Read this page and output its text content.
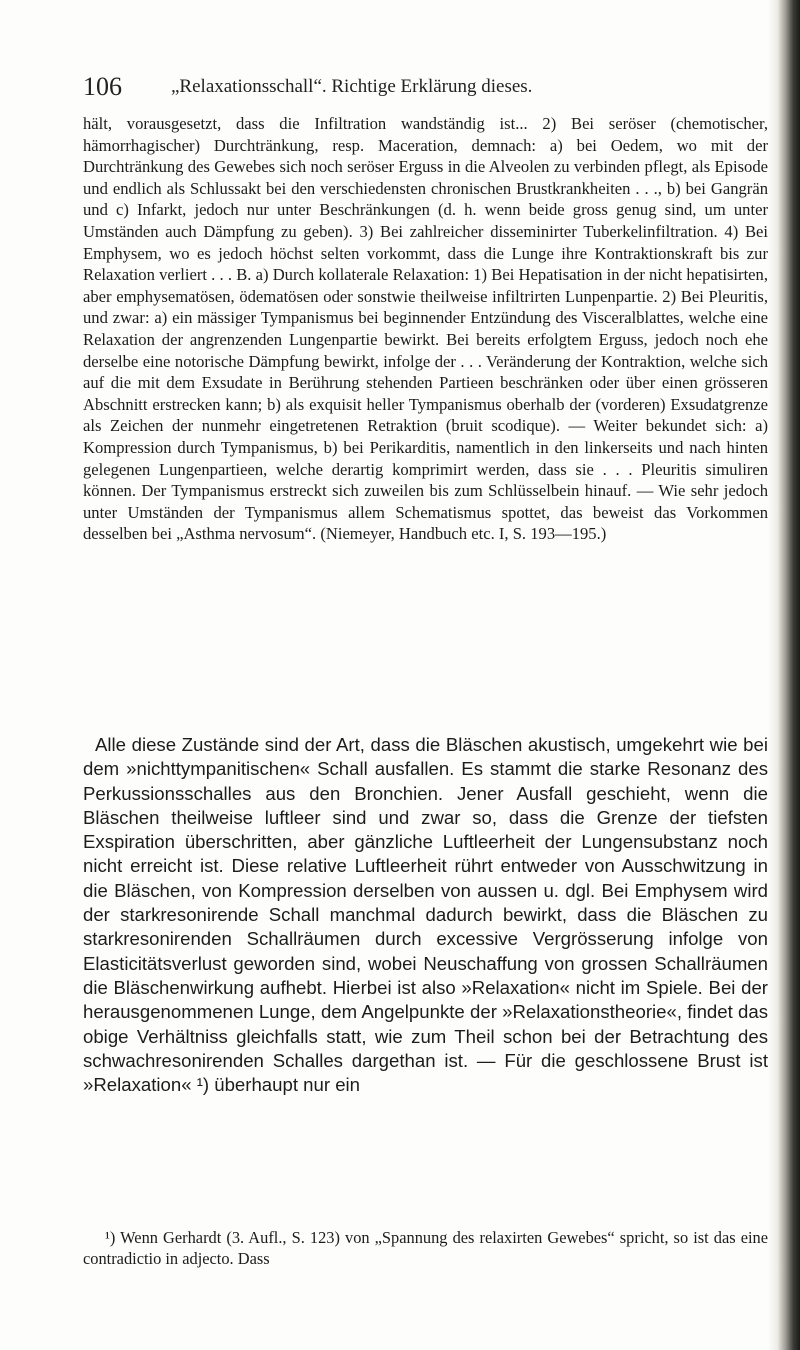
106	„Relaxationsschall“. Richtige Erklärung dieses.

hält, vorausgesetzt, dass die Infiltration wandständig ist... 2) Bei seröser (chemotischer, hämorrhagischer) Durchtränkung, resp. Maceration, demnach: a) bei Oedem, wo mit der Durchtränkung des Gewebes sich noch seröser Erguss in die Alveolen zu verbinden pflegt, als Episode und endlich als Schlussakt bei den verschiedensten chronischen Brustkrankheiten . . ., b) bei Gangrän und c) Infarkt, jedoch nur unter Beschränkungen (d. h. wenn beide gross genug sind, um unter Umständen auch Dämpfung zu geben). 3) Bei zahlreicher disseminirter Tuberkelinfiltration. 4) Bei Emphysem, wo es jedoch höchst selten vorkommt, dass die Lunge ihre Kontraktionskraft bis zur Relaxation verliert . . . B. a) Durch kollaterale Relaxation: 1) Bei Hepatisation in der nicht hepatisirten, aber emphysematösen, ödematösen oder sonstwie theilweise infiltrirten Lunpenpartie. 2) Bei Pleuritis, und zwar: a) ein mässiger Tympanismus bei beginnender Entzündung des Visceralblattes, welche eine Relaxation der angrenzenden Lungenpartie bewirkt. Bei bereits erfolgtem Erguss, jedoch noch ehe derselbe eine notorische Dämpfung bewirkt, infolge der . . . Veränderung der Kontraktion, welche sich auf die mit dem Exsudate in Berührung stehenden Partieen beschränken oder über einen grösseren Abschnitt erstrecken kann; b) als exquisit heller Tympanismus oberhalb der (vorderen) Exsudatgrenze als Zeichen der nunmehr eingetretenen Retraktion (bruit scodique). — Weiter bekundet sich: a) Kompression durch Tympanismus, b) bei Perikarditis, namentlich in den linkerseits und nach hinten gelegenen Lungenpartieen, welche derartig komprimirt werden, dass sie . . . Pleuritis simuliren können. Der Tympanismus erstreckt sich zuweilen bis zum Schlüsselbein hinauf. — Wie sehr jedoch unter Umständen der Tympanismus allem Schematismus spottet, das beweist das Vorkommen desselben bei „Asthma nervosum“. (Niemeyer, Handbuch etc. I, S. 193—195.)

Alle diese Zustände sind der Art, dass die Bläschen akustisch, umgekehrt wie bei dem »nichttympanitischen« Schall ausfallen. Es stammt die starke Resonanz des Perkussionsschalles aus den Bronchien. Jener Ausfall geschieht, wenn die Bläschen theilweise luftleer sind und zwar so, dass die Grenze der tiefsten Exspiration überschritten, aber gänzliche Luftleerheit der Lungensubstanz noch nicht erreicht ist. Diese relative Luftleerheit rührt entweder von Ausschwitzung in die Bläschen, von Kompression derselben von aussen u. dgl. Bei Emphysem wird der starkresonirende Schall manchmal dadurch bewirkt, dass die Bläschen zu starkresonirenden Schallräumen durch excessive Vergrösserung infolge von Elasticitätsverlust geworden sind, wobei Neuschaffung von grossen Schallräumen die Bläschenwirkung aufhebt. Hierbei ist also »Relaxation« nicht im Spiele. Bei der herausgenommenen Lunge, dem Angelpunkte der »Relaxationstheorie«, findet das obige Verhältniss gleichfalls statt, wie zum Theil schon bei der Betrachtung des schwachresonirenden Schalles dargethan ist. — Für die geschlossene Brust ist »Relaxation« ¹) überhaupt nur ein

¹) Wenn Gerhardt (3. Aufl., S. 123) von „Spannung des relaxirten Gewebes“ spricht, so ist das eine contradictio in adjecto. Dass
